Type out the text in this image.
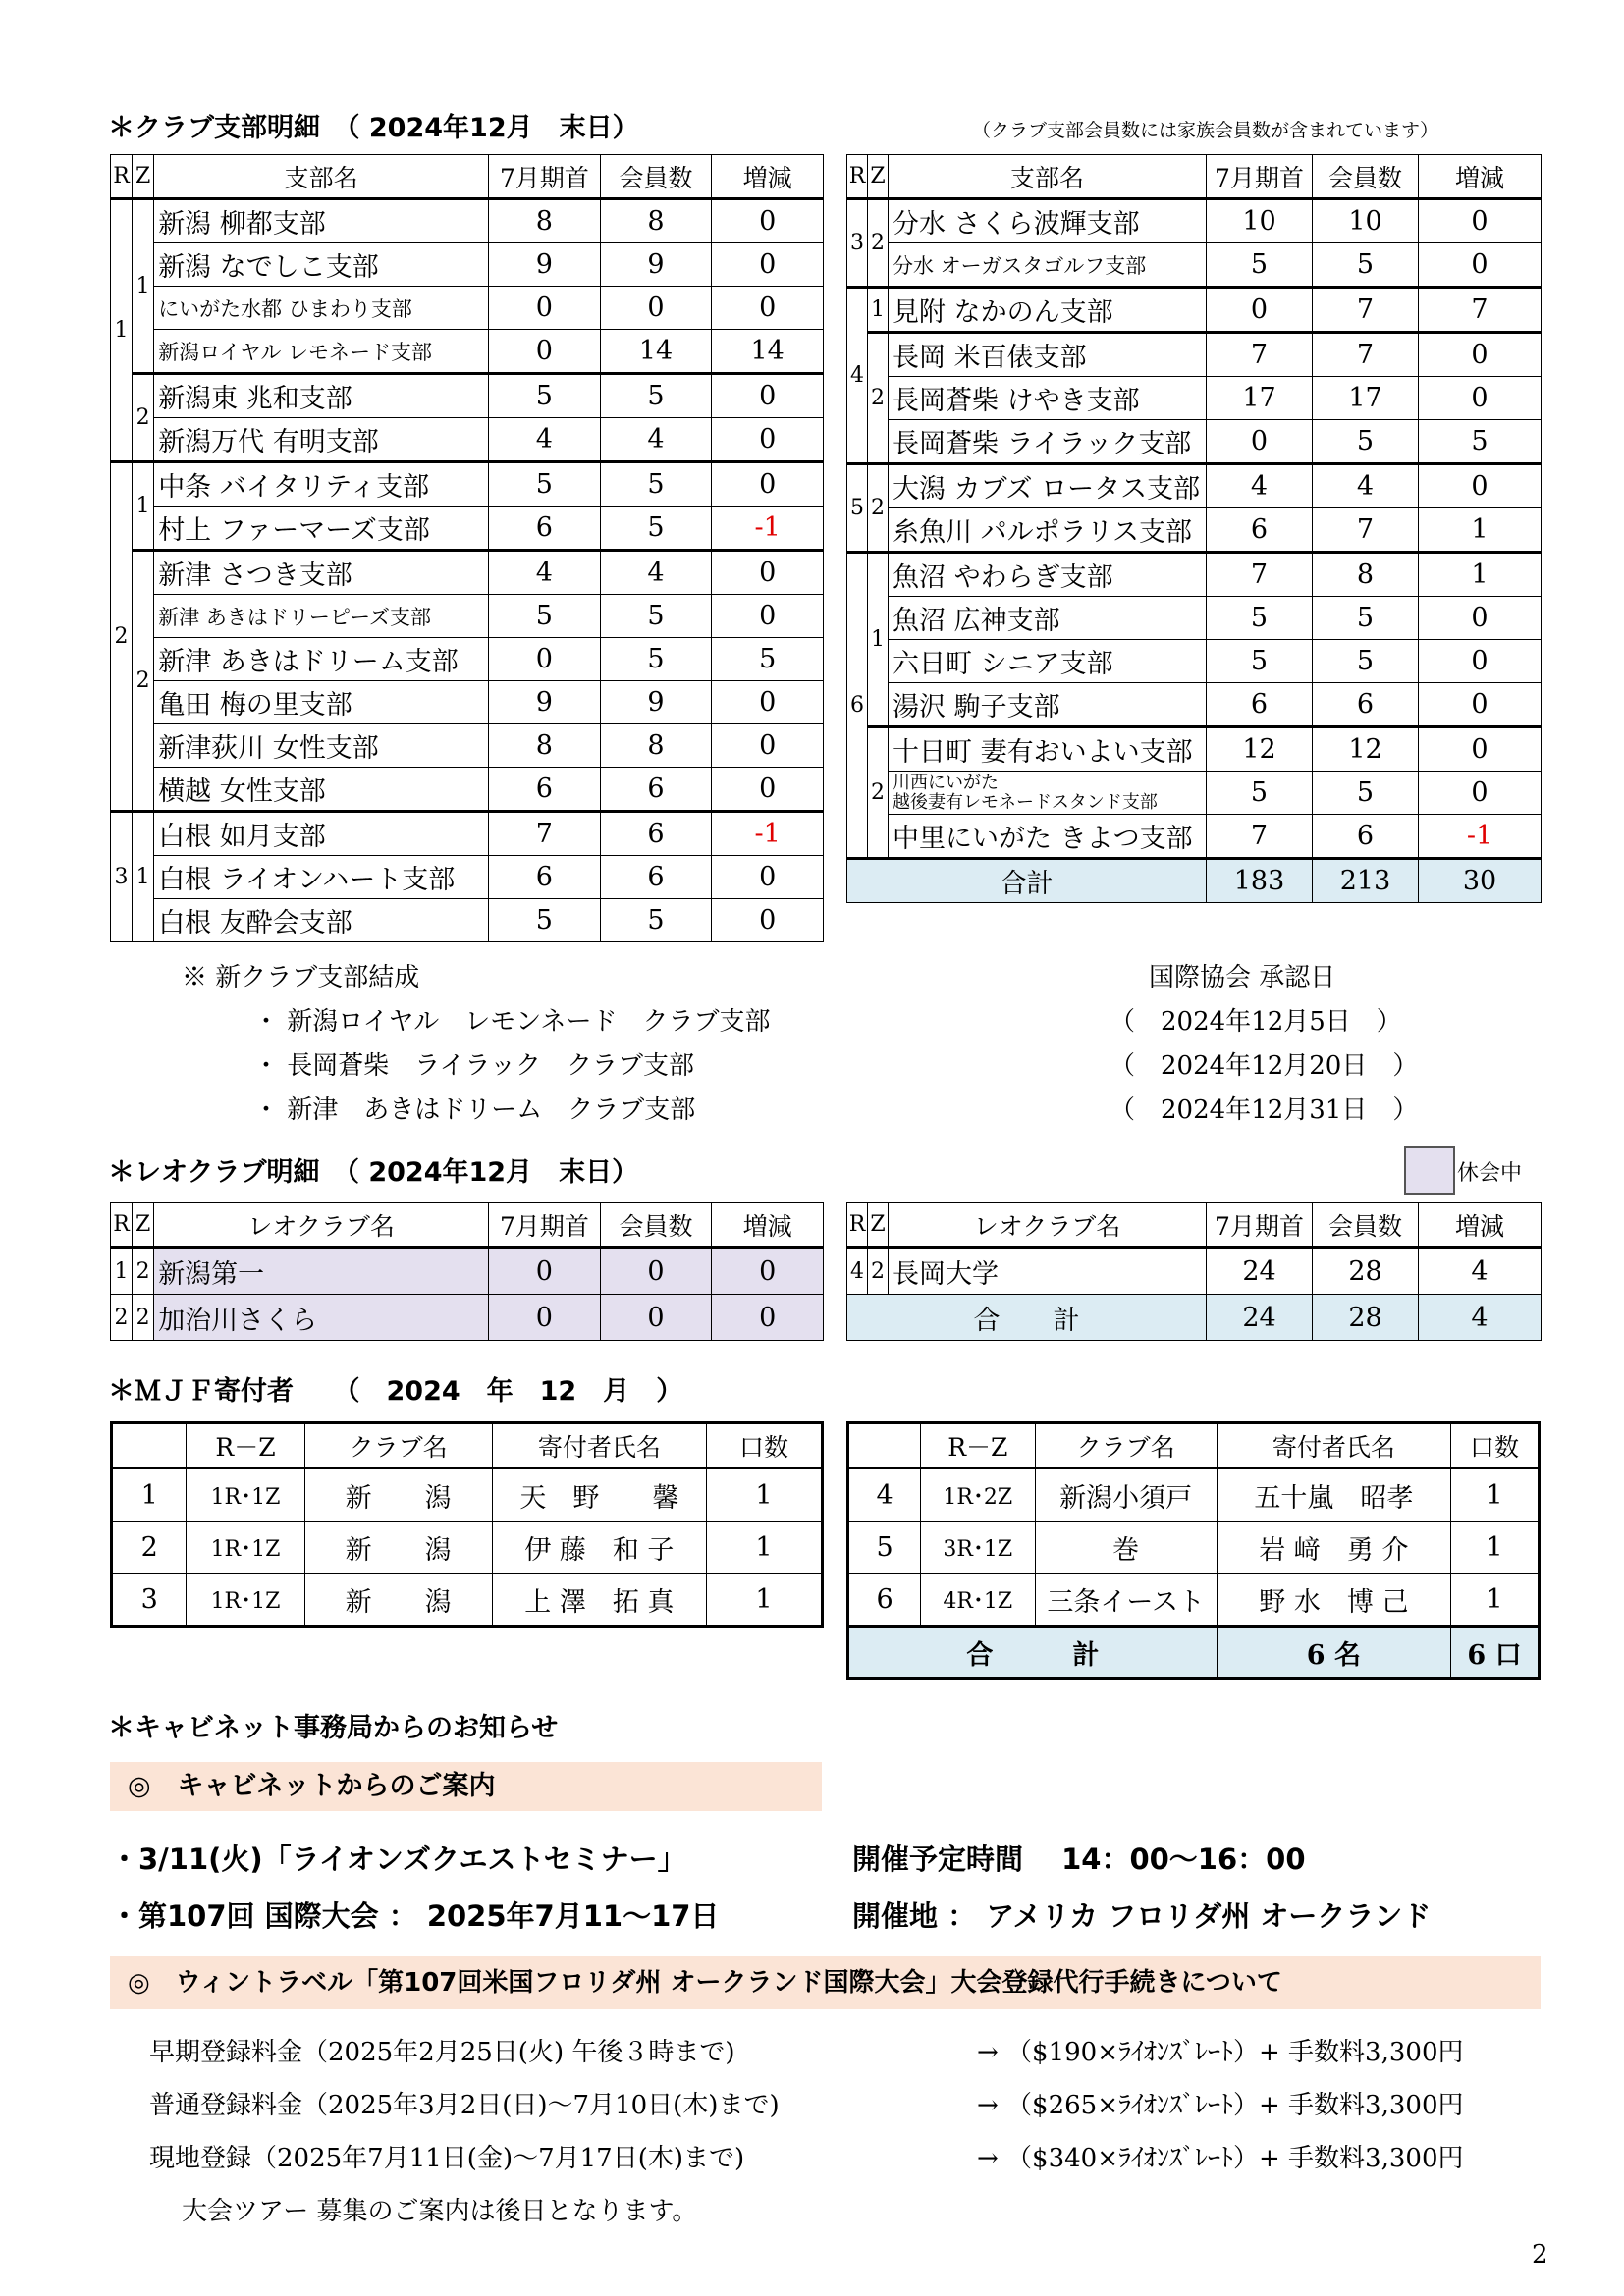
＊クラブ支部明細　（ 2024年12月　末日）	（クラブ支部会員数には家族会員数が含まれています）
R	Z	支部名	7月期首	会員数	増減
1	1	新潟 柳都支部	8	8	0
		新潟 なでしこ支部	9	9	0
		にいがた水都 ひまわり支部	0	0	0
		新潟ロイヤル レモネード支部	0	14	14
	2	新潟東 兆和支部	5	5	0
		新潟万代 有明支部	4	4	0
2	1	中条 バイタリティ支部	5	5	0
		村上 ファーマーズ支部	6	5	-1
	2	新津 さつき支部	4	4	0
		新津 あきはドリーピーズ支部	5	5	0
		新津 あきはドリーム支部	0	5	5
		亀田 梅の里支部	9	9	0
		新津荻川 女性支部	8	8	0
		横越 女性支部	6	6	0
3	1	白根 如月支部	7	6	-1
		白根 ライオンハート支部	6	6	0
		白根 友酔会支部	5	5	0
R	Z	支部名	7月期首	会員数	増減
3	2	分水 さくら波輝支部	10	10	0
		分水 オーガスタゴルフ支部	5	5	0
4	1	見附 なかのん支部	0	7	7
	2	長岡 米百俵支部	7	7	0
		長岡蒼柴 けやき支部	17	17	0
		長岡蒼柴 ライラック支部	0	5	5
5	2	大潟 カブズ ロータス支部	4	4	0
		糸魚川 パルポラリス支部	6	7	1
6	1	魚沼 やわらぎ支部	7	8	1
		魚沼 広神支部	5	5	0
		六日町 シニア支部	5	5	0
		湯沢 駒子支部	6	6	0
	2	十日町 妻有おいよい支部	12	12	0
		川西にいがた
越後妻有レモネードスタンド支部	5	5	0
		中里にいがた きよつ支部	7	6	-1
合計			183	213	30
※ 新クラブ支部結成	国際協会 承認日
・ 新潟ロイヤル　レモンネード　クラブ支部	（　2024年12月5日　）
・ 長岡蒼柴　ライラック　クラブ支部	（　2024年12月20日　）
・ 新津　あきはドリーム　クラブ支部	（　2024年12月31日　）
＊レオクラブ明細　（ 2024年12月　末日）	休会中
R	Z	レオクラブ名	7月期首	会員数	増減
1	2	新潟第一	0	0	0
2	2	加治川さくら	0	0	0
R	Z	レオクラブ名	7月期首	会員数	増減
4	2	長岡大学	24	28	4
合　　計			24	28	4
＊ＭＪＦ寄付者　　（　2024　年　12　月　）
	R－Z	クラブ名	寄付者氏名	口数
1	1R･1Z	新　　潟	天　野　　馨	1
2	1R･1Z	新　　潟	伊 藤　和 子	1
3	1R･1Z	新　　潟	上 澤　拓 真	1
	R－Z	クラブ名	寄付者氏名	口数
4	1R･2Z	新潟小須戸	五十嵐　昭孝	1
5	3R･1Z	巻	岩 﨑　勇 介	1
6	4R･1Z	三条イースト	野 水　博 己	1
合　　　計			6 名	6 口
＊キャビネット事務局からのお知らせ
◎　キャビネットからのご案内
・3/11(火)「ライオンズクエストセミナー」	開催予定時間　 14：00～16：00
・第107回 国際大会 ： 2025年7月11～17日	開催地 ： アメリカ フロリダ州 オークランド
◎　ウィントラベル「第107回米国フロリダ州 オークランド国際大会」大会登録代行手続きについて
早期登録料金（2025年2月25日(火) 午後３時まで)	→ （$190×ﾗｲｵﾝｽﾞﾚｰﾄ）+ 手数料3,300円
普通登録料金（2025年3月2日(日)～7月10日(木)まで)	→ （$265×ﾗｲｵﾝｽﾞﾚｰﾄ）+ 手数料3,300円
現地登録（2025年7月11日(金)～7月17日(木)まで)	→ （$340×ﾗｲｵﾝｽﾞﾚｰﾄ）+ 手数料3,300円
大会ツアー 募集のご案内は後日となります。
2
